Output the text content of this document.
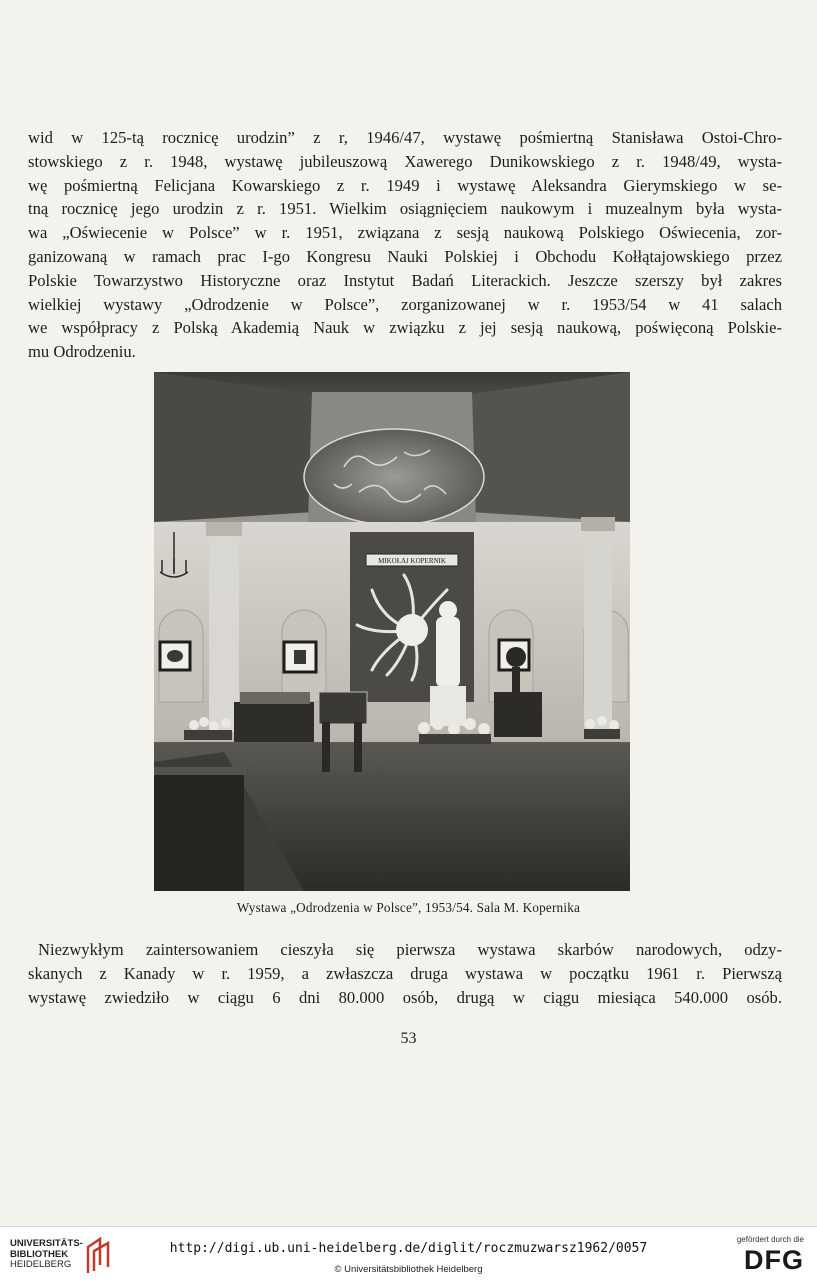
wid w 125-tą rocznicę urodzin” z r, 1946/47, wystawę pośmiertną Stanisława Ostoi-Chro-
stowskiego z r. 1948, wystawę jubileuszową Xawerego Dunikowskiego z r. 1948/49, wysta-
wę pośmiertną Felicjana Kowarskiego z r. 1949 i wystawę Aleksandra Gierymskiego w se-
tną rocznicę jego urodzin z r. 1951. Wielkim osiągnięciem naukowym i muzealnym była wysta-
wa „Oświecenie w Polsce” w r. 1951, związana z sesją naukową Polskiego Oświecenia, zor-
ganizowaną w ramach prac I-go Kongresu Nauki Polskiej i Obchodu Kołłątajowskiego przez
Polskie Towarzystwo Historyczne oraz Instytut Badań Literackich. Jeszcze szerszy był zakres
wielkiej wystawy „Odrodzenie w Polsce”, zorganizowanej w r. 1953/54 w 41 salach
we współpracy z Polską Akademią Nauk w związku z jej sesją naukową, poświęconą Polskie-
mu Odrodzeniu.
MIKOŁAJ KOPERNIK
Wystawa „Odrodzenia w Polsce”, 1953/54. Sala M. Kopernika
Niezwykłym zaintersowaniem cieszyła się pierwsza wystawa skarbów narodowych, odzy-
skanych z Kanady w r. 1959, a zwłaszcza druga wystawa w początku 1961 r. Pierwszą
wystawę zwiedziło w ciągu 6 dni 80.000 osób, drugą w ciągu miesiąca 540.000 osób.
53
UNIVERSITÄTS-
BIBLIOTHEK
HEIDELBERG
http://digi.ub.uni-heidelberg.de/diglit/roczmuzwarsz1962/0057
© Universitätsbibliothek Heidelberg
gefördert durch die
DFG
